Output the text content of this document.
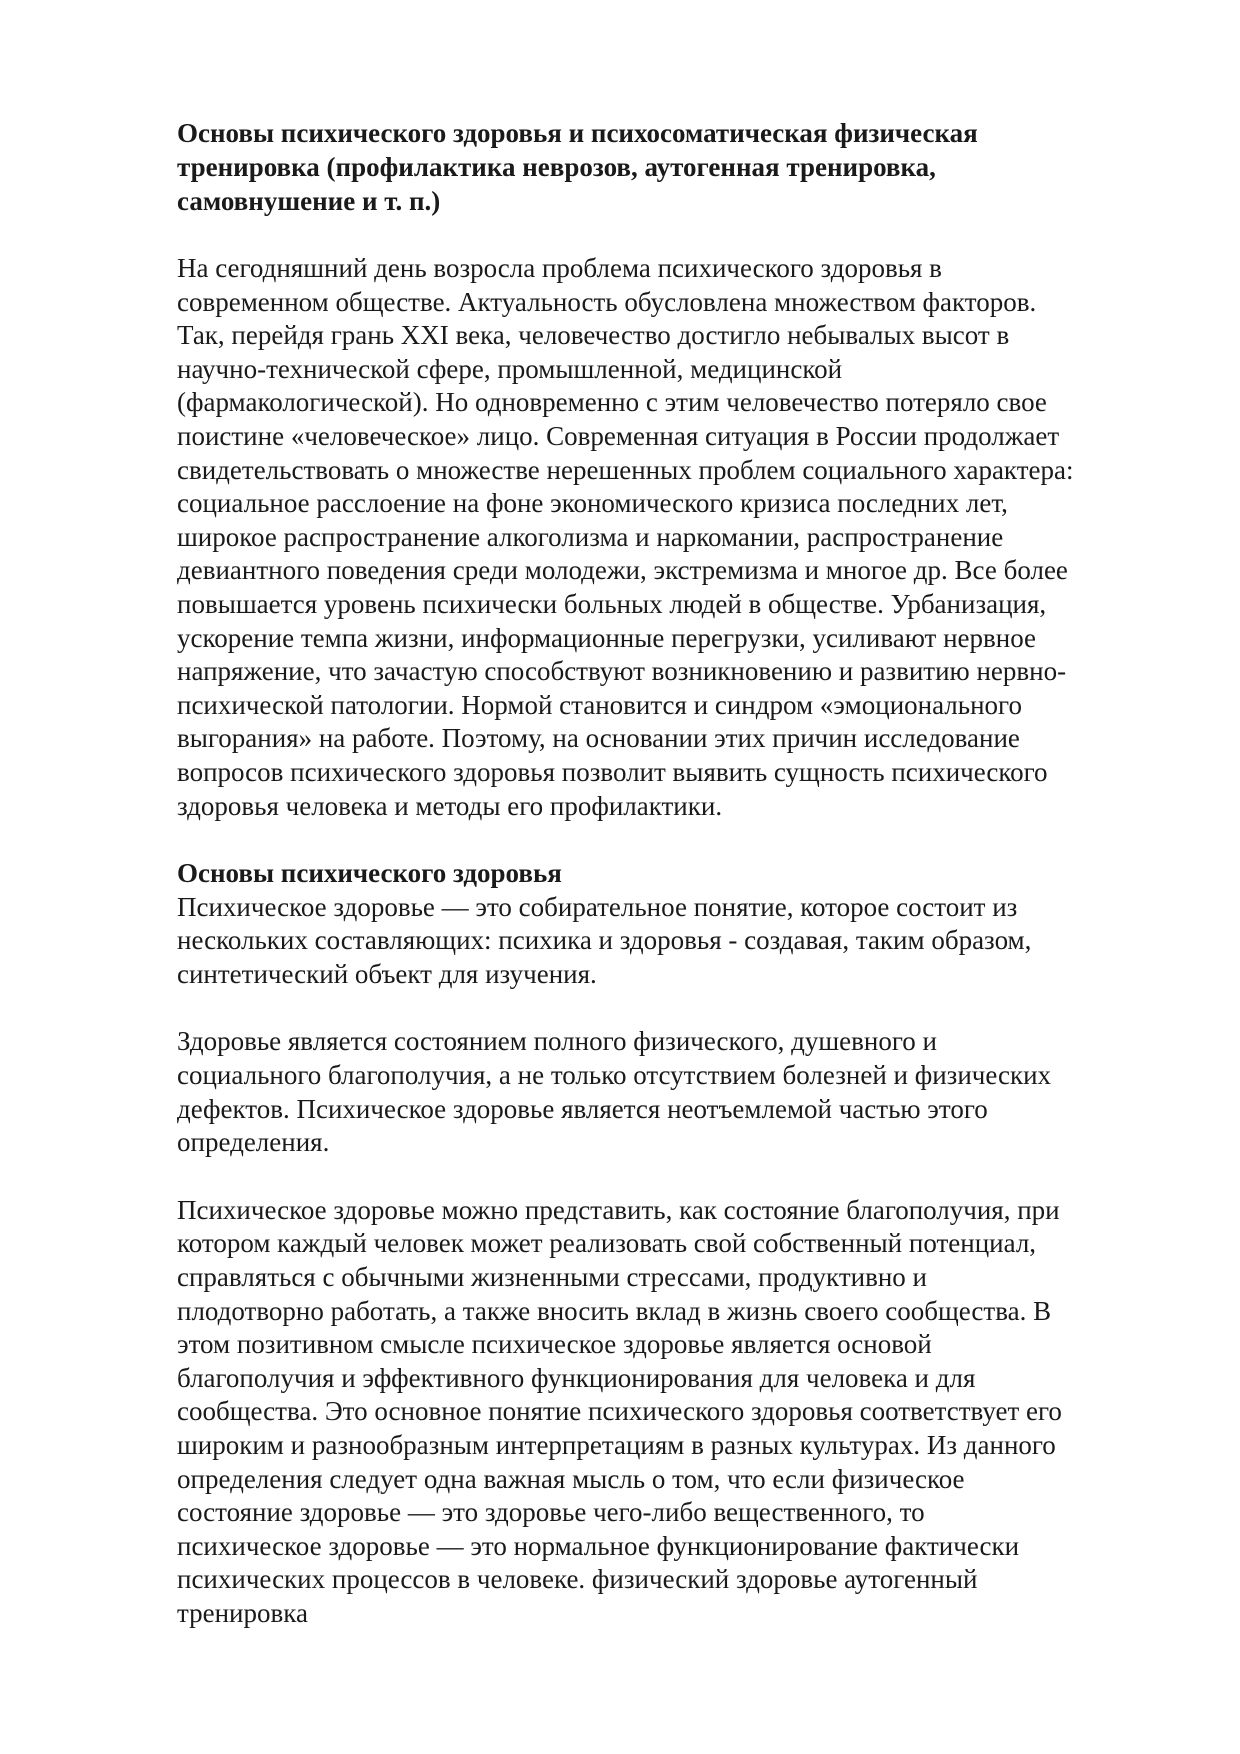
Основы психического здоровья и психосоматическая физическая
тренировка (профилактика неврозов, аутогенная тренировка,
самовнушение и т. п.)
На сегодняшний день возросла проблема психического здоровья в
современном обществе. Актуальность обусловлена множеством факторов.
Так, перейдя грань XXI века, человечество достигло небывалых высот в
научно-технической сфере, промышленной, медицинской
(фармакологической). Но одновременно с этим человечество потеряло свое
поистине «человеческое» лицо. Современная ситуация в России продолжает
свидетельствовать о множестве нерешенных проблем социального характера:
социальное расслоение на фоне экономического кризиса последних лет,
широкое распространение алкоголизма и наркомании, распространение
девиантного поведения среди молодежи, экстремизма и многое др. Все более
повышается уровень психически больных людей в обществе. Урбанизация,
ускорение темпа жизни, информационные перегрузки, усиливают нервное
напряжение, что зачастую способствуют возникновению и развитию нервно-
психической патологии. Нормой становится и синдром «эмоционального
выгорания» на работе. Поэтому, на основании этих причин исследование
вопросов психического здоровья позволит выявить сущность психического
здоровья человека и методы его профилактики.
Основы психического здоровья
Психическое здоровье — это собирательное понятие, которое состоит из
нескольких составляющих: психика и здоровья - создавая, таким образом,
синтетический объект для изучения.
Здоровье является состоянием полного физического, душевного и
социального благополучия, а не только отсутствием болезней и физических
дефектов. Психическое здоровье является неотъемлемой частью этого
определения.
Психическое здоровье можно представить, как состояние благополучия, при
котором каждый человек может реализовать свой собственный потенциал,
справляться с обычными жизненными стрессами, продуктивно и
плодотворно работать, а также вносить вклад в жизнь своего сообщества. В
этом позитивном смысле психическое здоровье является основой
благополучия и эффективного функционирования для человека и для
сообщества. Это основное понятие психического здоровья соответствует его
широким и разнообразным интерпретациям в разных культурах. Из данного
определения следует одна важная мысль о том, что если физическое
состояние здоровье — это здоровье чего-либо вещественного, то
психическое здоровье — это нормальное функционирование фактически
психических процессов в человеке. физический здоровье аутогенный
тренировка
